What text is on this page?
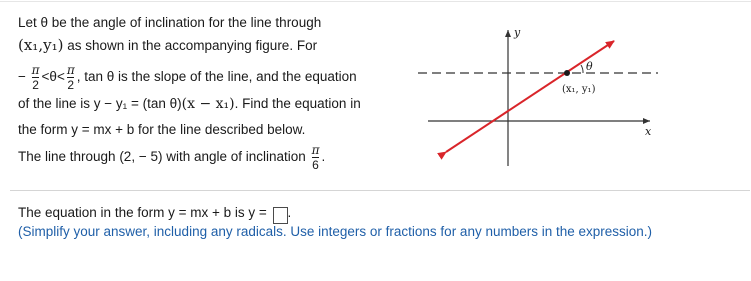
Let θ be the angle of inclination for the line through
(x₁,y₁) as shown in the accompanying figure. For
− $\frac{\pi}{2} <\theta< \frac{\pi}{2}$ , tan θ is the slope of the line, and the equation
of the line is y − y₁ = (tan θ)(x − x₁). Find the equation in
the form y = mx + b for the line described below.
The line through (2, − 5) with angle of inclination $\frac{\pi}{6}$ .
θ
y
x
(x₁, y₁)
The equation in the form y = mx + b is y = .
(Simplify your answer, including any radicals. Use integers or fractions for any numbers in the expression.)
